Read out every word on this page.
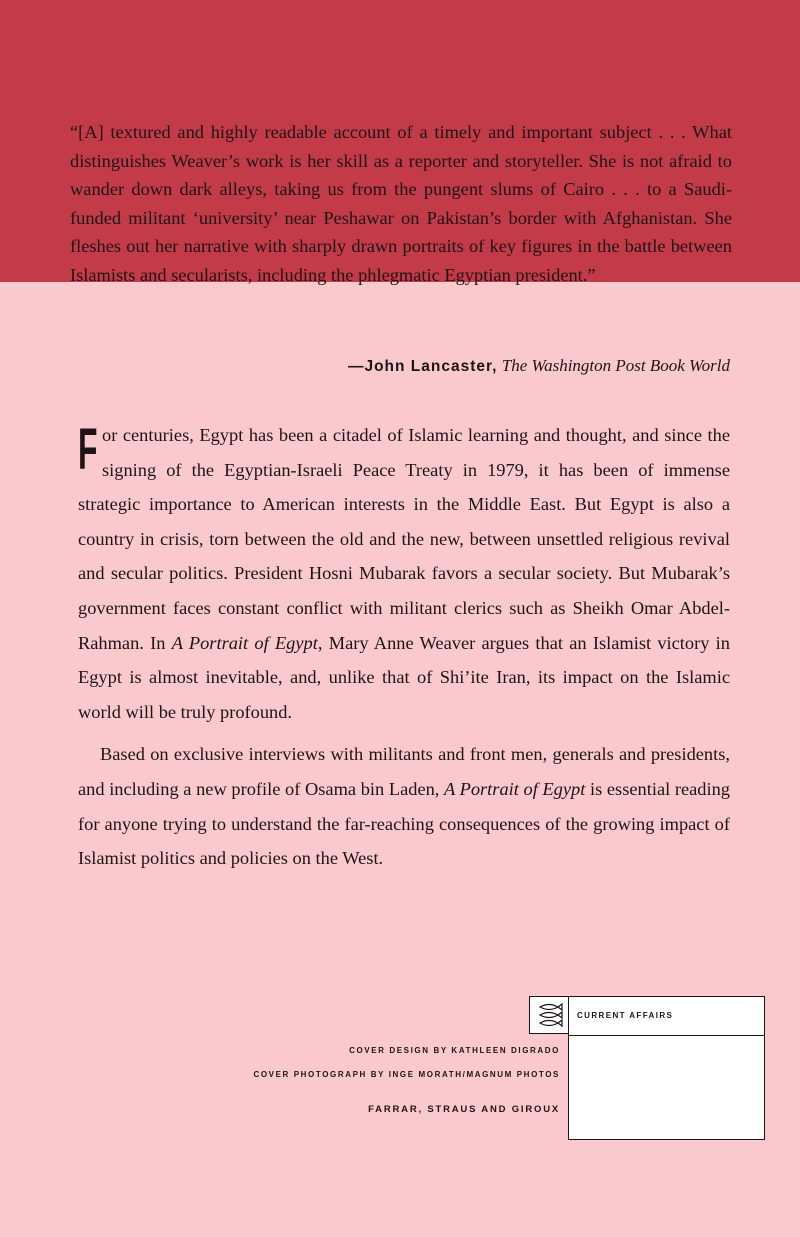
“[A] textured and highly readable account of a timely and important subject . . . What distinguishes Weaver’s work is her skill as a reporter and storyteller. She is not afraid to wander down dark alleys, taking us from the pungent slums of Cairo . . . to a Saudi-funded militant ‘university’ near Peshawar on Pakistan’s border with Afghanistan. She fleshes out her narrative with sharply drawn portraits of key figures in the battle between Islamists and secularists, including the phlegmatic Egyptian president.”

—John Lancaster, The Washington Post Book World

For centuries, Egypt has been a citadel of Islamic learning and thought, and since the signing of the Egyptian-Israeli Peace Treaty in 1979, it has been of immense strategic importance to American interests in the Middle East. But Egypt is also a country in crisis, torn between the old and the new, between unsettled religious revival and secular politics. President Hosni Mubarak favors a secular society. But Mubarak’s government faces constant conflict with militant clerics such as Sheikh Omar Abdel-Rahman. In A Portrait of Egypt, Mary Anne Weaver argues that an Islamist victory in Egypt is almost inevitable, and, unlike that of Shi’ite Iran, its impact on the Islamic world will be truly profound.

Based on exclusive interviews with militants and front men, generals and presidents, and including a new profile of Osama bin Laden, A Portrait of Egypt is essential reading for anyone trying to understand the far-reaching consequences of the growing impact of Islamist politics and policies on the West.

COVER DESIGN BY KATHLEEN DIGRADO
COVER PHOTOGRAPH BY INGE MORATH/MAGNUM PHOTOS
FARRAR, STRAUS AND GIROUX
CURRENT AFFAIRS
